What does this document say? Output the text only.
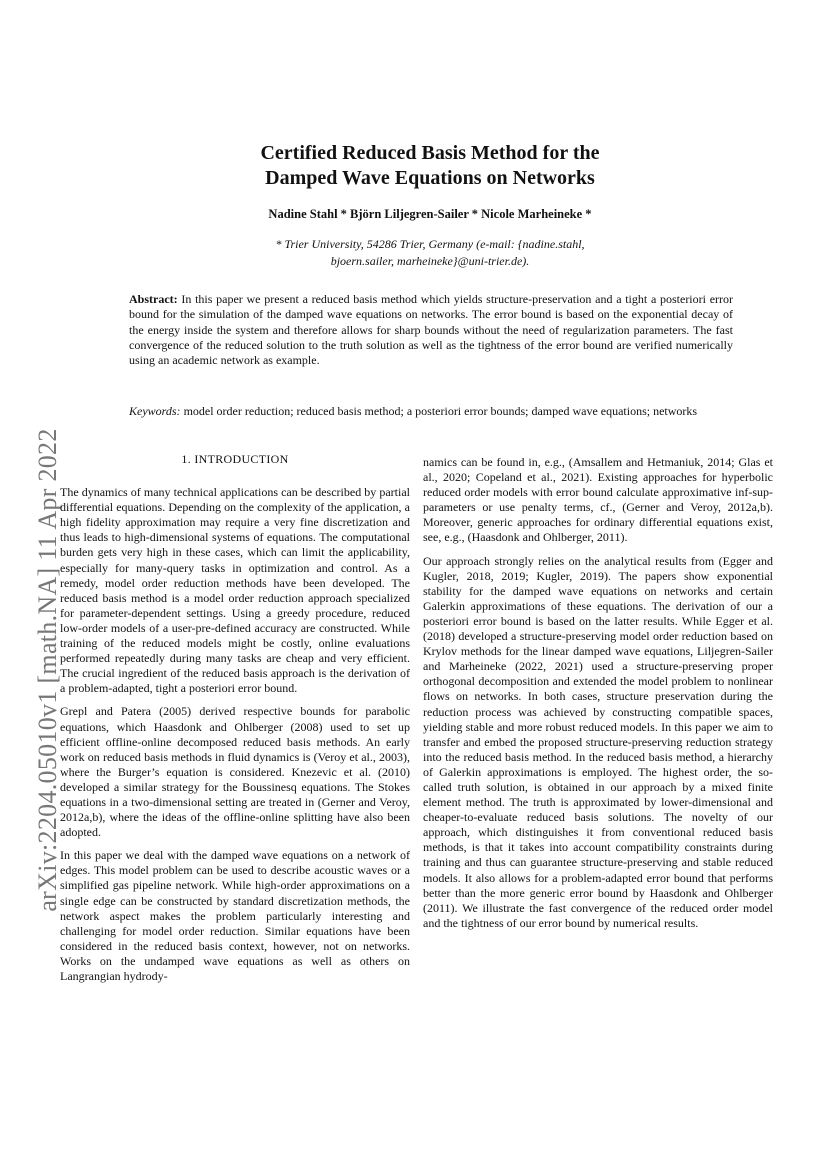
arXiv:2204.05010v1 [math.NA] 11 Apr 2022
Certified Reduced Basis Method for the
Damped Wave Equations on Networks
Nadine Stahl * Björn Liljegren-Sailer * Nicole Marheineke *
* Trier University, 54286 Trier, Germany (e-mail: {nadine.stahl,
bjoern.sailer, marheineke}@uni-trier.de).
Abstract: In this paper we present a reduced basis method which yields structure-preservation and a tight a posteriori error bound for the simulation of the damped wave equations on networks. The error bound is based on the exponential decay of the energy inside the system and therefore allows for sharp bounds without the need of regularization parameters. The fast convergence of the reduced solution to the truth solution as well as the tightness of the error bound are verified numerically using an academic network as example.
Keywords: model order reduction; reduced basis method; a posteriori error bounds; damped wave equations; networks
1. INTRODUCTION

The dynamics of many technical applications can be described by partial differential equations. Depending on the complexity of the application, a high fidelity approximation may require a very fine discretization and thus leads to high-dimensional systems of equations. The computational burden gets very high in these cases, which can limit the applicability, especially for many-query tasks in optimization and control. As a remedy, model order reduction methods have been developed. The reduced basis method is a model order reduction approach specialized for parameter-dependent settings. Using a greedy procedure, reduced low-order models of a user-pre-defined accuracy are constructed. While training of the reduced models might be costly, online evaluations performed repeatedly during many tasks are cheap and very efficient. The crucial ingredient of the reduced basis approach is the derivation of a problem-adapted, tight a posteriori error bound.

Grepl and Patera (2005) derived respective bounds for parabolic equations, which Haasdonk and Ohlberger (2008) used to set up efficient offline-online decomposed reduced basis methods. An early work on reduced basis methods in fluid dynamics is (Veroy et al., 2003), where the Burger’s equation is considered. Knezevic et al. (2010) developed a similar strategy for the Boussinesq equations. The Stokes equations in a two-dimensional setting are treated in (Gerner and Veroy, 2012a,b), where the ideas of the offline-online splitting have also been adopted.

In this paper we deal with the damped wave equations on a network of edges. This model problem can be used to describe acoustic waves or a simplified gas pipeline network. While high-order approximations on a single edge can be constructed by standard discretization methods, the network aspect makes the problem particularly interesting and challenging for model order reduction. Similar equations have been considered in the reduced basis context, however, not on networks. Works on the undamped wave equations as well as others on Langrangian hydrody-

namics can be found in, e.g., (Amsallem and Hetmaniuk, 2014; Glas et al., 2020; Copeland et al., 2021). Existing approaches for hyperbolic reduced order models with error bound calculate approximative inf-sup-parameters or use penalty terms, cf., (Gerner and Veroy, 2012a,b). Moreover, generic approaches for ordinary differential equations exist, see, e.g., (Haasdonk and Ohlberger, 2011).

Our approach strongly relies on the analytical results from (Egger and Kugler, 2018, 2019; Kugler, 2019). The papers show exponential stability for the damped wave equations on networks and certain Galerkin approximations of these equations. The derivation of our a posteriori error bound is based on the latter results. While Egger et al. (2018) developed a structure-preserving model order reduction based on Krylov methods for the linear damped wave equations, Liljegren-Sailer and Marheineke (2022, 2021) used a structure-preserving proper orthogonal decomposition and extended the model problem to nonlinear flows on networks. In both cases, structure preservation during the reduction process was achieved by constructing compatible spaces, yielding stable and more robust reduced models. In this paper we aim to transfer and embed the proposed structure-preserving reduction strategy into the reduced basis method. In the reduced basis method, a hierarchy of Galerkin approximations is employed. The highest order, the so-called truth solution, is obtained in our approach by a mixed finite element method. The truth is approximated by lower-dimensional and cheaper-to-evaluate reduced basis solutions. The novelty of our approach, which distinguishes it from conventional reduced basis methods, is that it takes into account compatibility constraints during training and thus can guarantee structure-preserving and stable reduced models. It also allows for a problem-adapted error bound that performs better than the more generic error bound by Haasdonk and Ohlberger (2011). We illustrate the fast convergence of the reduced order model and the tightness of our error bound by numerical results.
